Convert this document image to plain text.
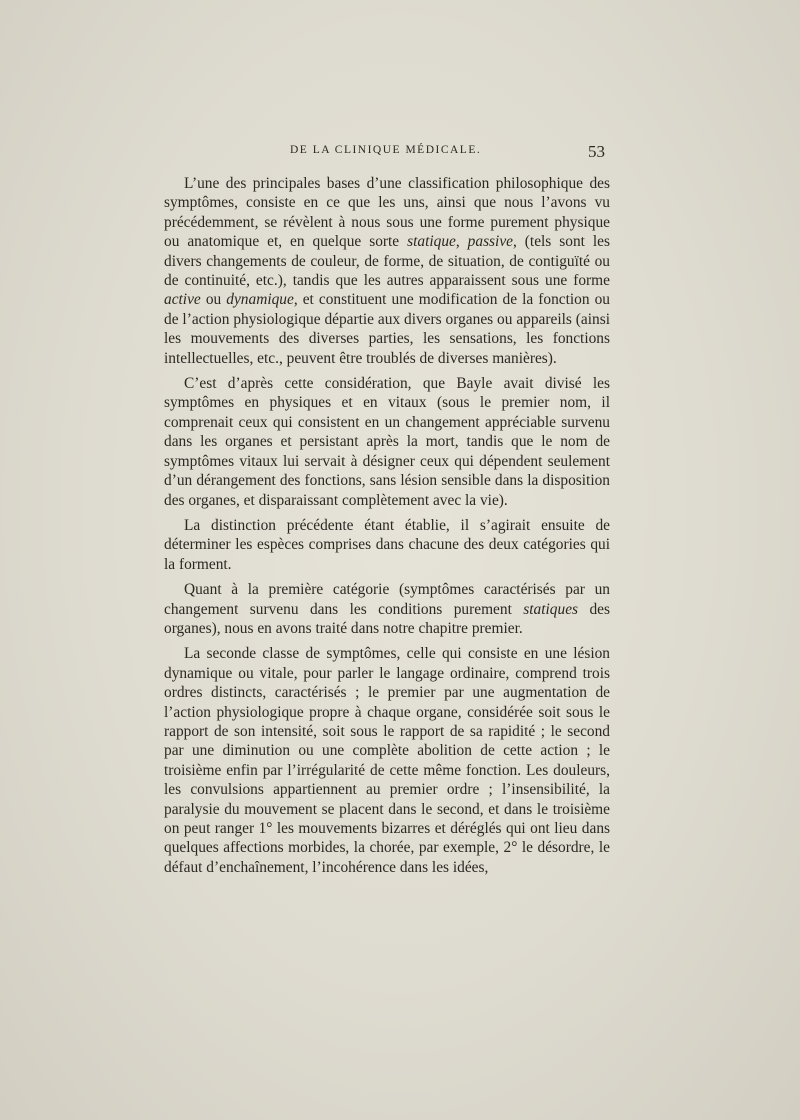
DE LA CLINIQUE MÉDICALE.	53

L’une des principales bases d’une classification philosophique des symptômes, consiste en ce que les uns, ainsi que nous l’avons vu précédemment, se révèlent à nous sous une forme purement physique ou anatomique et, en quelque sorte statique, passive, (tels sont les divers changements de couleur, de forme, de situation, de contiguïté ou de continuité, etc.), tandis que les autres apparaissent sous une forme active ou dynamique, et constituent une modification de la fonction ou de l’action physiologique départie aux divers organes ou appareils (ainsi les mouvements des diverses parties, les sensations, les fonctions intellectuelles, etc., peuvent être troublés de diverses manières).

C’est d’après cette considération, que Bayle avait divisé les symptômes en physiques et en vitaux (sous le premier nom, il comprenait ceux qui consistent en un changement appréciable survenu dans les organes et persistant après la mort, tandis que le nom de symptômes vitaux lui servait à désigner ceux qui dépendent seulement d’un dérangement des fonctions, sans lésion sensible dans la disposition des organes, et disparaissant complètement avec la vie).

La distinction précédente étant établie, il s’agirait ensuite de déterminer les espèces comprises dans chacune des deux catégories qui la forment.

Quant à la première catégorie (symptômes caractérisés par un changement survenu dans les conditions purement statiques des organes), nous en avons traité dans notre chapitre premier.

La seconde classe de symptômes, celle qui consiste en une lésion dynamique ou vitale, pour parler le langage ordinaire, comprend trois ordres distincts, caractérisés ; le premier par une augmentation de l’action physiologique propre à chaque organe, considérée soit sous le rapport de son intensité, soit sous le rapport de sa rapidité ; le second par une diminution ou une complète abolition de cette action ; le troisième enfin par l’irrégularité de cette même fonction. Les douleurs, les convulsions appartiennent au premier ordre ; l’insensibilité, la paralysie du mouvement se placent dans le second, et dans le troisième on peut ranger 1° les mouvements bizarres et déréglés qui ont lieu dans quelques affections morbides, la chorée, par exemple, 2° le désordre, le défaut d’enchaînement, l’incohérence dans les idées,
